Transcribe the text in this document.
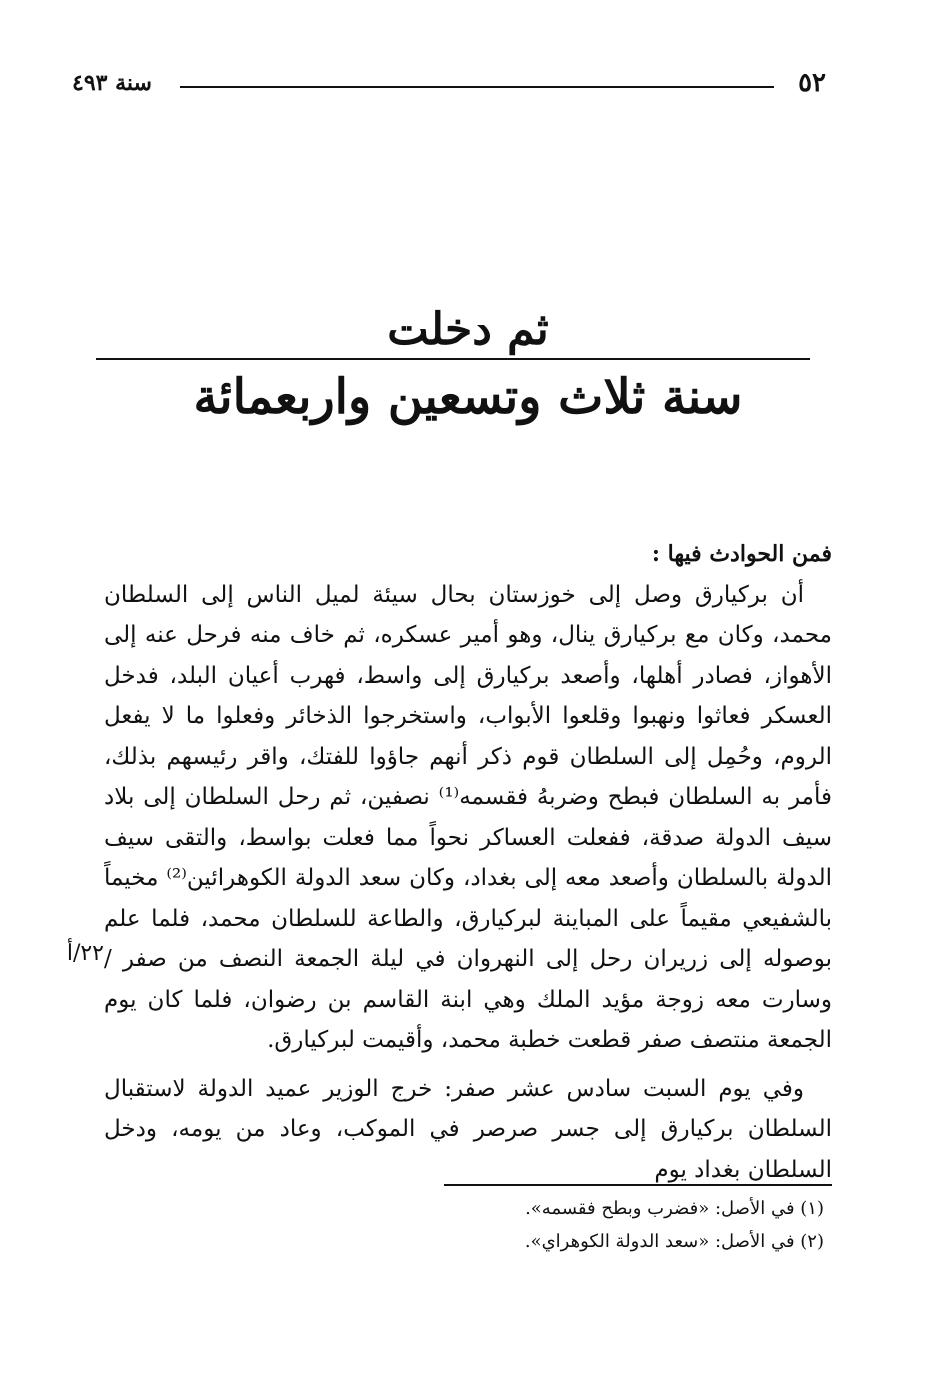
٥٢
سنة ٤٩٣
ثم دخلت
سنة ثلاث وتسعين واربعمائة

فمن الحوادث فيها :

أن بركيارق وصل إلى خوزستان بحال سيئة لميل الناس إلى السلطان محمد، وكان مع بركيارق ينال، وهو أمير عسكره، ثم خاف منه فرحل عنه إلى الأهواز، فصادر أهلها، وأصعد بركيارق إلى واسط، فهرب أعيان البلد، فدخل العسكر فعاثوا ونهبوا وقلعوا الأبواب، واستخرجوا الذخائر وفعلوا ما لا يفعل الروم، وحُمِل إلى السلطان قوم ذكر أنهم جاؤوا للفتك، واقر رئيسهم بذلك، فأمر به السلطان فبطح وضربهُ فقسمه⁽¹⁾ نصفين، ثم رحل السلطان إلى بلاد سيف الدولة صدقة، ففعلت العساكر نحواً مما فعلت بواسط، والتقى سيف الدولة بالسلطان وأصعد معه إلى بغداد، وكان سعد الدولة الكوهرائين⁽²⁾ مخيماً بالشفيعي مقيماً على المباينة لبركيارق، والطاعة للسلطان محمد، فلما علم بوصوله إلى زريران رحل إلى النهروان في ليلة الجمعة النصف من صفر / وسارت معه زوجة مؤيد الملك وهي ابنة القاسم بن رضوان، فلما كان يوم الجمعة منتصف صفر قطعت خطبة محمد، وأقيمت لبركيارق.

وفي يوم السبت سادس عشر صفر: خرج الوزير عميد الدولة لاستقبال السلطان بركيارق إلى جسر صرصر في الموكب، وعاد من يومه، ودخل السلطان بغداد يوم

٢٢/أ

(١) في الأصل: «فضرب وبطح فقسمه».

(٢) في الأصل: «سعد الدولة الكوهراي».
